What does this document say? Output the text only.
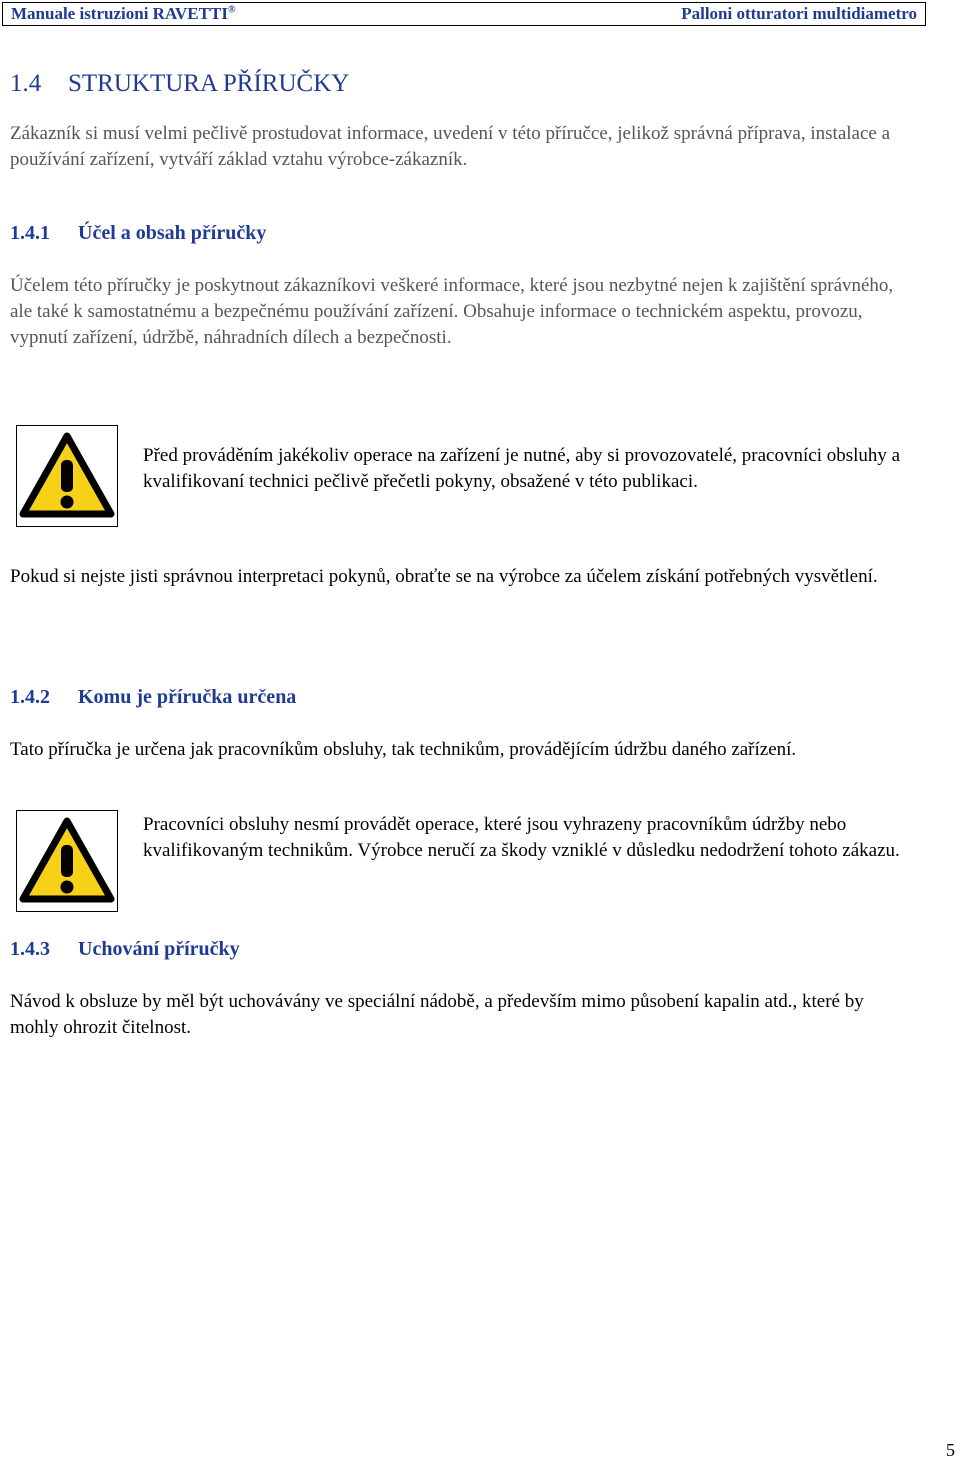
Manuale istruzioni RAVETTI®	Palloni otturatori multidiametro
1.4 STRUKTURA PŘÍRUČKY
Zákazník si musí velmi pečlivě prostudovat informace, uvedení v této příručce, jelikož správná příprava, instalace a používání zařízení, vytváří základ vztahu výrobce-zákazník.
1.4.1 Účel a obsah příručky
Účelem této příručky je poskytnout zákazníkovi veškeré informace, které jsou nezbytné nejen k zajištění správného, ale také k samostatnému a bezpečnému používání zařízení. Obsahuje informace o technickém aspektu, provozu, vypnutí zařízení, údržbě, náhradních dílech a bezpečnosti.
Před prováděním jakékoliv operace na zařízení je nutné, aby si provozovatelé, pracovníci obsluhy a kvalifikovaní technici pečlivě přečetli pokyny, obsažené v této publikaci.
Pokud si nejste jisti správnou interpretaci pokynů, obraťte se na výrobce za účelem získání potřebných vysvětlení.
1.4.2 Komu je příručka určena
Tato příručka je určena jak pracovníkům obsluhy, tak technikům, provádějícím údržbu daného zařízení.
Pracovníci obsluhy nesmí provádět operace, které jsou vyhrazeny pracovníkům údržby nebo kvalifikovaným technikům. Výrobce neručí za škody vzniklé v důsledku nedodržení tohoto zákazu.
1.4.3 Uchování příručky
Návod k obsluze by měl být uchovávány ve speciální nádobě, a především mimo působení kapalin atd., které by mohly ohrozit čitelnost.
5
